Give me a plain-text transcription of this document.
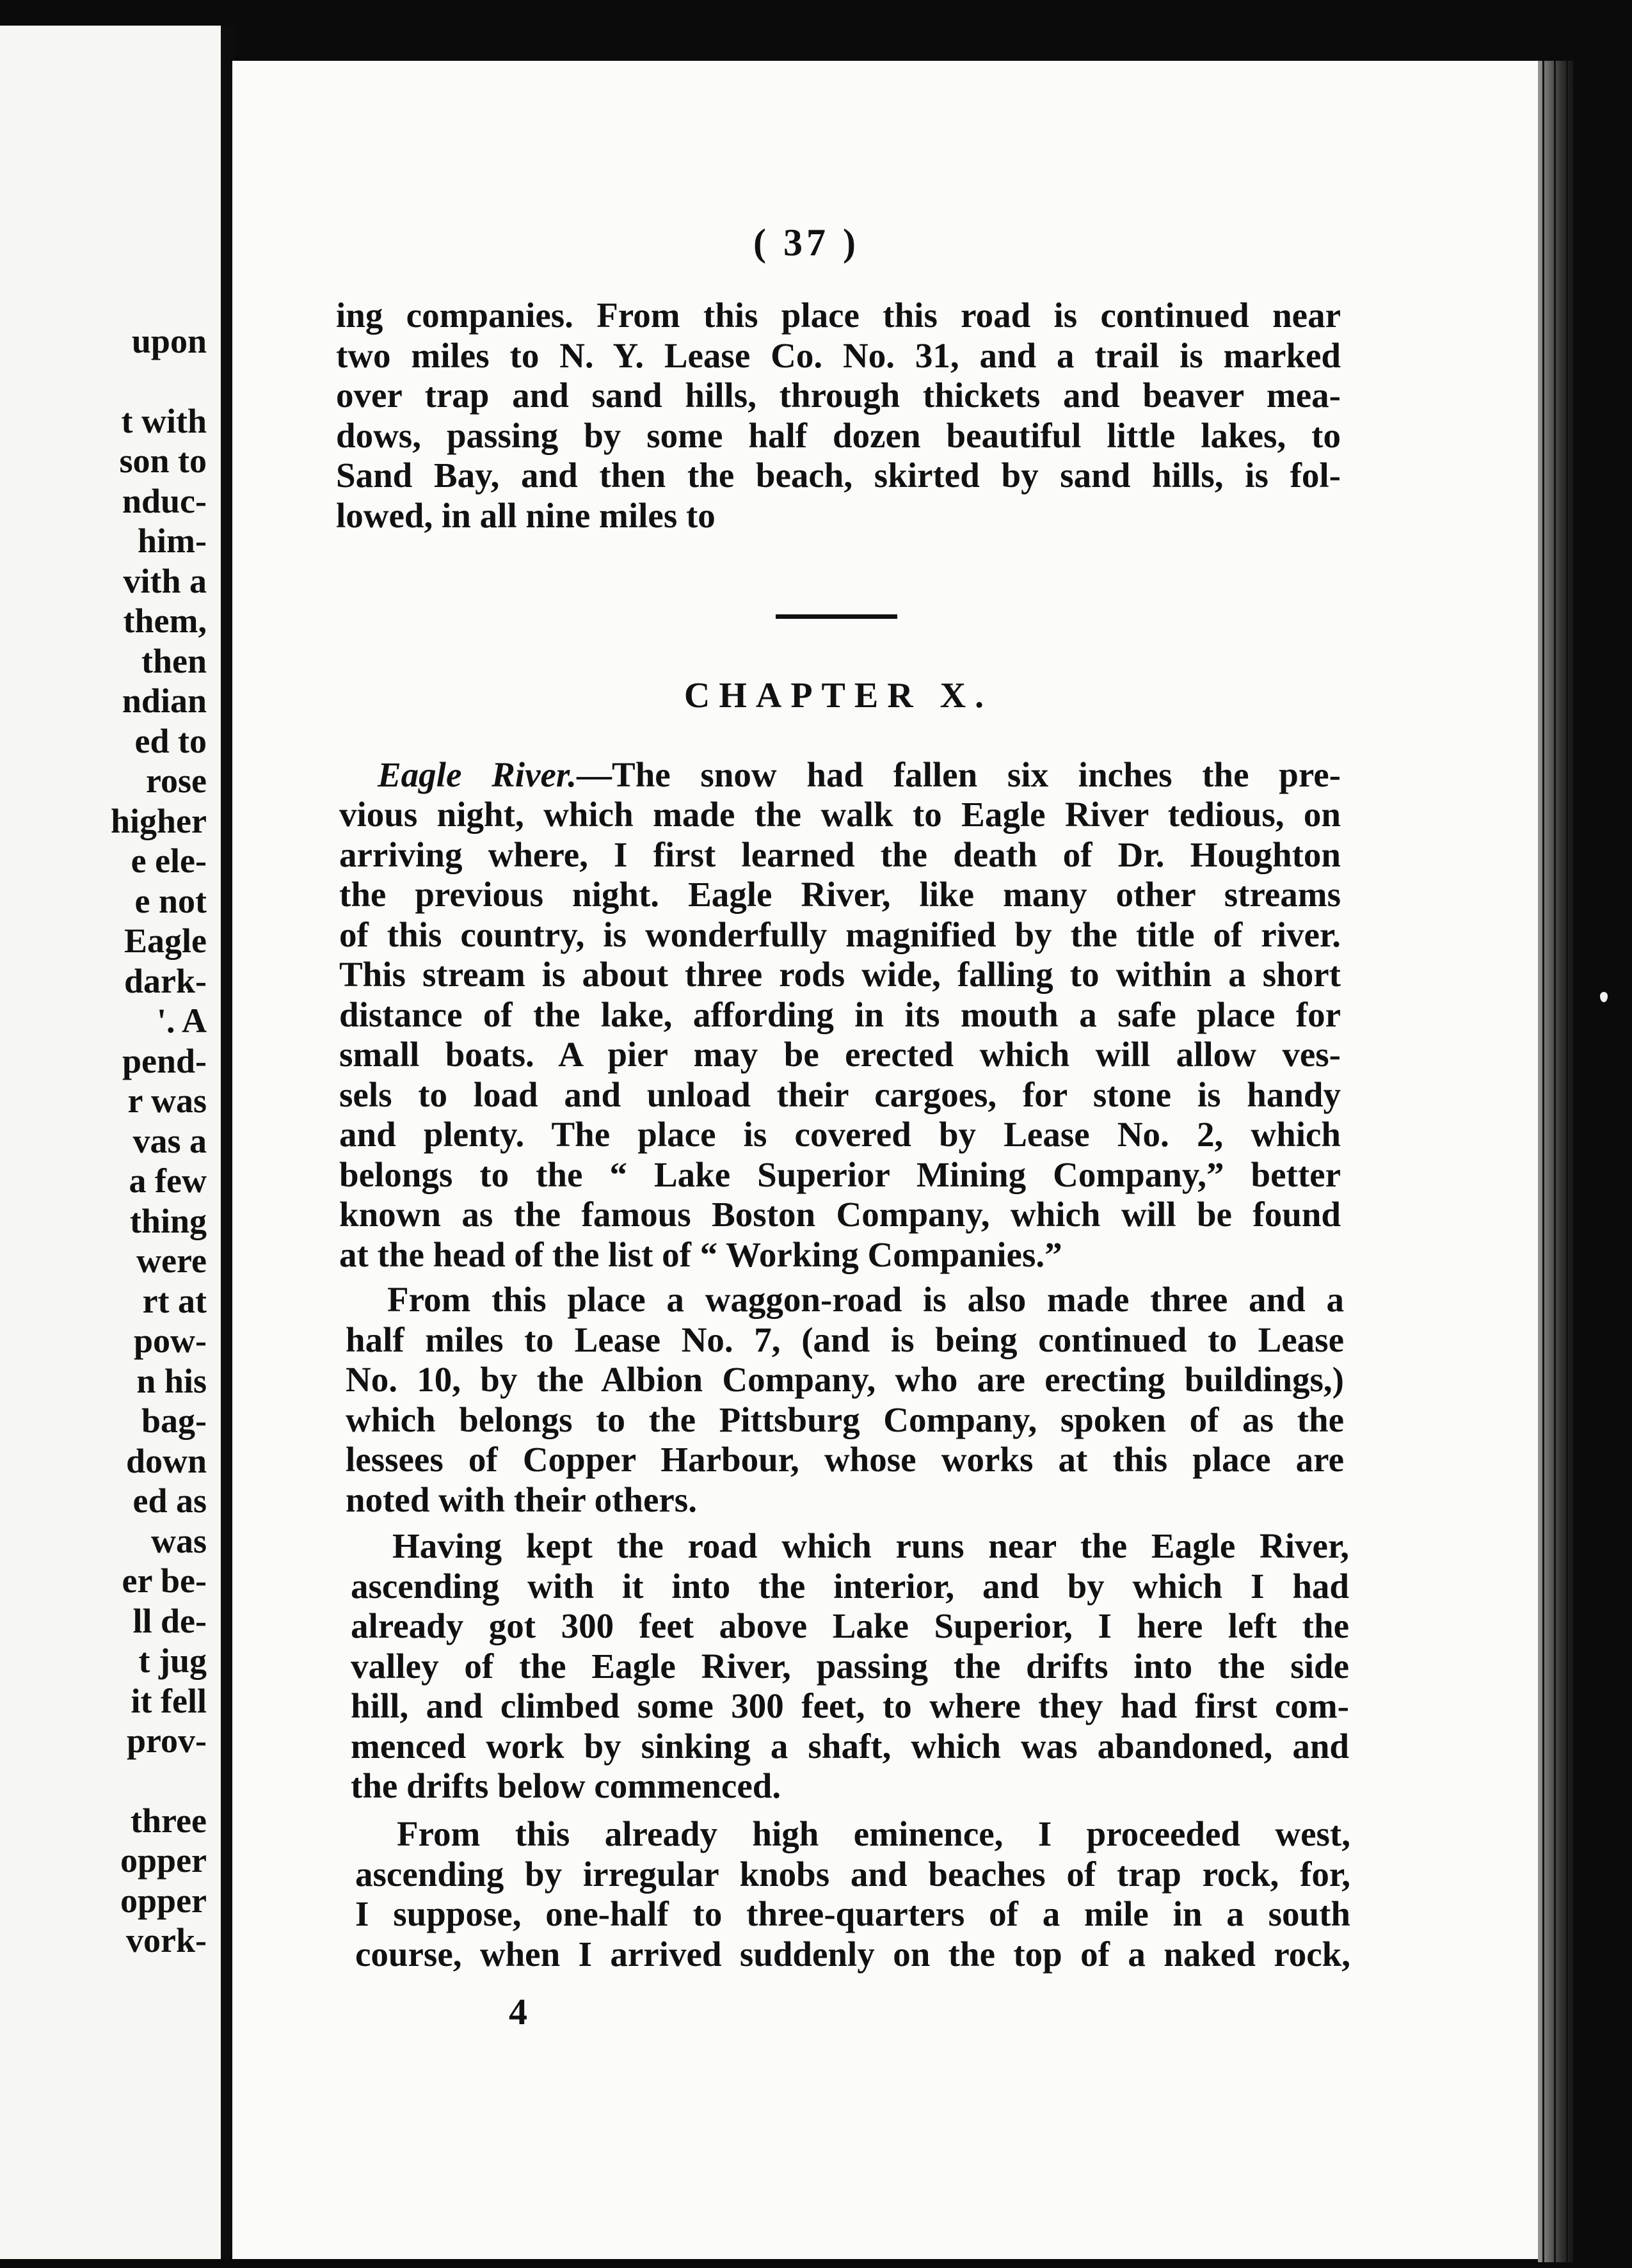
upon
t with
son to
nduc-
him-
vith a
them,
then
ndian
ed to
rose
higher
e ele-
e not
Eagle
dark-
'. A
pend-
r was
vas a
a few
thing
were
rt at
pow-
n his
bag-
down
ed as
was
er be-
ll de-
t jug
it fell
prov-
three
opper
opper
vork-
( 37 )
ing companies. From this place this road is continued near
two miles to N. Y. Lease Co. No. 31, and a trail is marked
over trap and sand hills, through thickets and beaver mea-
dows, passing by some half dozen beautiful little lakes, to
Sand Bay, and then the beach, skirted by sand hills, is fol-
lowed, in all nine miles to
CHAPTER X.
Eagle River.—The snow had fallen six inches the pre-
vious night, which made the walk to Eagle River tedious, on
arriving where, I first learned the death of Dr. Houghton
the previous night. Eagle River, like many other streams
of this country, is wonderfully magnified by the title of river.
This stream is about three rods wide, falling to within a short
distance of the lake, affording in its mouth a safe place for
small boats. A pier may be erected which will allow ves-
sels to load and unload their cargoes, for stone is handy
and plenty. The place is covered by Lease No. 2, which
belongs to the “ Lake Superior Mining Company,” better
known as the famous Boston Company, which will be found
at the head of the list of “ Working Companies.”
From this place a waggon-road is also made three and a
half miles to Lease No. 7, (and is being continued to Lease
No. 10, by the Albion Company, who are erecting buildings,)
which belongs to the Pittsburg Company, spoken of as the
lessees of Copper Harbour, whose works at this place are
noted with their others.
Having kept the road which runs near the Eagle River,
ascending with it into the interior, and by which I had
already got 300 feet above Lake Superior, I here left the
valley of the Eagle River, passing the drifts into the side
hill, and climbed some 300 feet, to where they had first com-
menced work by sinking a shaft, which was abandoned, and
the drifts below commenced.
From this already high eminence, I proceeded west,
ascending by irregular knobs and beaches of trap rock, for,
I suppose, one-half to three-quarters of a mile in a south
course, when I arrived suddenly on the top of a naked rock,
4
